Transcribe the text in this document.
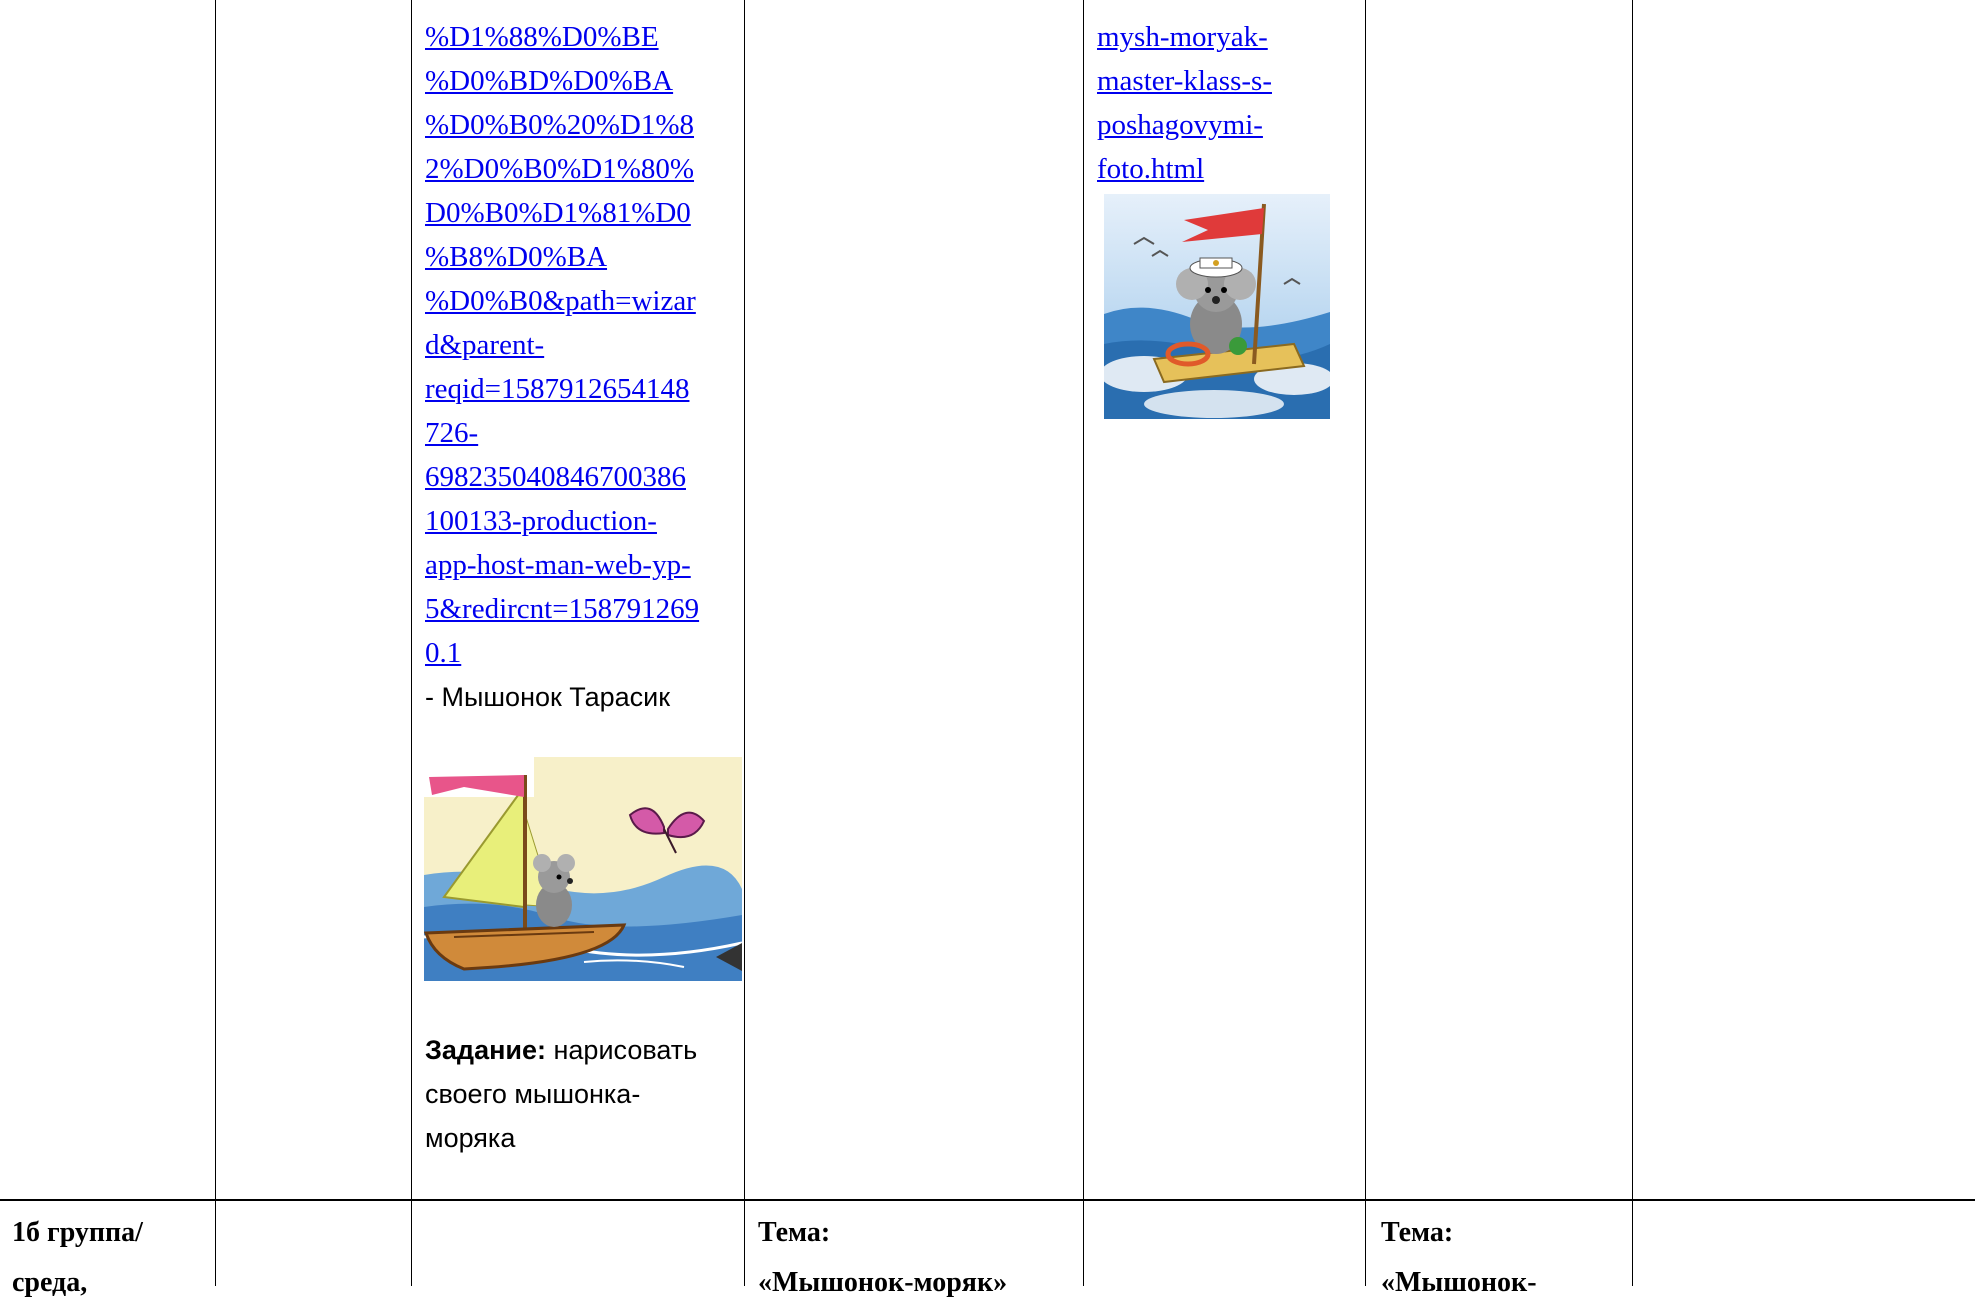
%D1%88%D0%BE
%D0%BD%D0%BA
%D0%B0%20%D1%8
2%D0%B0%D1%80%
D0%B0%D1%81%D0
%B8%D0%BA
%D0%B0&path=wizar
d&parent-
reqid=1587912654148
726-
698235040846700386
100133-production-
app-host-man-web-yp-
5&redircnt=158791269
0.1
- Мышонок Тарасик
Задание: нарисовать
своего мышонка-
моряка
mysh-moryak-
master-klass-s-
poshagovymi-
foto.html
1б группа/
среда,
Тема:
«Мышонок-моряк»
Тема:
«Мышонок-
